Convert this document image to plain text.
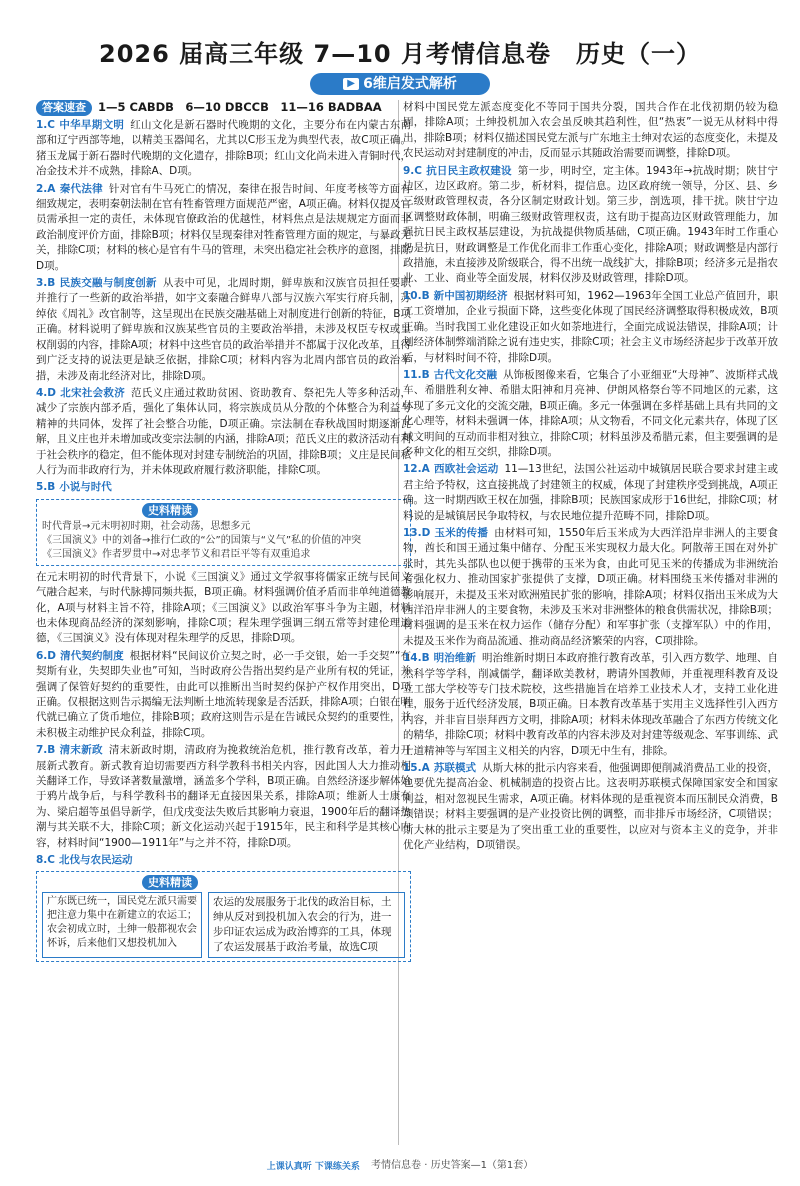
2026 届高三年级 7—10 月考情信息卷　历史（一）
▶ 6维启发式解析
答案速查	1—5 CABDB　6—10 DBCCB　11—16 BADBAA
1.C 中华早期文明 红山文化是新石器时代晚期的文化，主要分布在内蒙古东南部和辽宁西部等地，以精美玉器闻名，尤其以C形玉龙为典型代表，故C项正确。猪玉龙属于新石器时代晚期的文化遗存，排除B项；红山文化尚未进入青铜时代，冶金技术并不成熟，排除A、D项。
2.A 秦代法律 针对官有牛马死亡的情况，秦律在报告时间、年度考核等方面有细致规定，表明秦朝法制在官有牲畜管理方面规范严密，A项正确。材料仅提及官员需承担一定的责任，未体现官僚政治的优越性，材料焦点是法规规定方面而非政治制度评价方面，排除B项；材料仅呈现秦律对牲畜管理方面的规定，与暴政无关，排除C项；材料的核心是官有牛马的管理，未突出稳定社会秩序的意图，排除D项。
3.B 民族交融与制度创新 从表中可见，北周时期，鲜卑族和汉族官员担任要职并推行了一些新的政治举措，如宇文泰融合鲜卑八部与汉族六军实行府兵制，苏绰依《周礼》改官制等，这呈现出在民族交融基础上对制度进行创新的特征，B项正确。材料说明了鲜卑族和汉族某些官员的主要政治举措，未涉及权臣专权或皇权削弱的内容，排除A项；材料中这些官员的政治举措并不都属于汉化改革，且得到广泛支持的说法更是缺乏依据，排除C项；材料内容为北周内部官员的政治举措，未涉及南北经济对比，排除D项。
4.D 北宋社会救济 范氏义庄通过救助贫困、资助教育、祭祀先人等多种活动，减少了宗族内部矛盾，强化了集体认同，将宗族成员从分散的个体整合为利益与精神的共同体，发挥了社会整合功能，D项正确。宗法制在春秋战国时期逐渐瓦解，且义庄也并未增加或改变宗法制的内涵，排除A项；范氏义庄的救济活动有利于社会秩序的稳定，但不能体现对封建专制统治的巩固，排除B项；义庄是民间私人行为而非政府行为，并未体现政府履行救济职能，排除C项。
5.B 小说与时代
史料精读
时代背景→元末明初时期，社会动荡，思想多元
《三国演义》中的刘备→推行仁政的“公”的国策与“义气”私的价值的冲突
《三国演义》作者罗贯中→对忠孝节义和君臣平等有双重追求
在元末明初的时代背景下，小说《三国演义》通过文学叙事将儒家正统与民间义气融合起来，与时代脉搏同频共振，B项正确。材料强调价值矛盾而非单纯道德教化，A项与材料主旨不符，排除A项；《三国演义》以政治军事斗争为主题，材料也未体现商品经济的深刻影响，排除C项；程朱理学强调三纲五常等封建伦理道德，《三国演义》没有体现对程朱理学的反思，排除D项。
6.D 清代契约制度 根据材料“民间议价立契之时，必一手交银，始一手交契”“有契斯有业，失契即失业也”可知，当时政府公告指出契约是产业所有权的凭证，并强调了保管好契约的重要性，由此可以推断出当时契约保护产权作用突出，D项正确。仅根据这则告示揭编无法判断土地流转现象是否活跃，排除A项；白银在明代就已确立了货币地位，排除B项；政府这则告示是在告诫民众契约的重要性，并未积极主动维护民众利益，排除C项。
7.B 清末新政 清末新政时期，清政府为挽救统治危机，推行教育改革，着力开展新式教育。新式教育迫切需要西方科学教科书相关内容，因此国人大力推动相关翻译工作，导致译著数量激增，涵盖多个学科，B项正确。自然经济逐步解体始于鸦片战争后，与科学教科书的翻译无直接因果关系，排除A项；维新人士康有为、梁启超等虽倡导新学，但戊戌变法失败后其影响力衰退，1900年后的翻译热潮与其关联不大，排除C项；新文化运动兴起于1915年，民主和科学是其核心内容，材料时间“1900—1911年”与之并不符，排除D项。
8.C 北伐与农民运动
史料精读
广东既已统一，国民党左派只需要把注意力集中在新建立的农运工；农会初成立时，土绅一般都视农会怀诉，后来他们又想投机加入
农运的发展服务于北伐的政治目标，土绅从反对到投机加入农会的行为，进一步印证农运成为政治博弈的工具，体现了农运发展基于政治考量，故选C项
材料中国民党左派态度变化不等同于国共分裂，国共合作在北伐初期仍较为稳固，排除A项；土绅投机加入农会虽反映其趋利性，但“热衷”一说无从材料中得出，排除B项；材料仅描述国民党左派与广东地主士绅对农运的态度变化，未提及农民运动对封建制度的冲击，反而显示其随政治需要而调整，排除D项。
9.C 抗日民主政权建设 第一步，明时空，定主体。1943年→抗战时期；陕甘宁边区，边区政府。第二步，析材料，提信息。边区政府统一领导，分区、县、乡三级财政管理权责，各分区制定财政计划。第三步，剖选项，排干扰。陕甘宁边区调整财政体制，明确三级财政管理权责，这有助于提高边区财政管理能力，加强抗日民主政权基层建设，为抗战提供物质基础，C项正确。1943年时工作重心仍是抗日，财政调整是工作优化而非工作重心变化，排除A项；财政调整是内部行政措施，未直接涉及阶级联合，得不出统一战线扩大，排除B项；经济多元是指农业、工业、商业等全面发展，材料仅涉及财政管理，排除D项。
10.B 新中国初期经济 根据材料可知，1962—1963年全国工业总产值回升，职工工资增加，企业亏损面下降，这些变化体现了国民经济调整取得积极成效，B项正确。当时我国工业化建设正如火如荼地进行，全面完成说法错误，排除A项；计划经济体制弊端消除之说有违史实，排除C项；社会主义市场经济起步于改革开放后，与材料时间不符，排除D项。
11.B 古代文化交融 从饰板图像来看，它集合了小亚细亚“大母神”、波斯样式战车、希腊胜利女神、希腊太阳神和月亮神、伊朗风格祭台等不同地区的元素，这体现了多元文化的交流交融，B项正确。多元一体强调在多样基础上具有共同的文化心理等，材料未强调一体，排除A项；从文物看，不同文化元素共存，体现了区域文明间的互动而非相对独立，排除C项；材料虽涉及希腊元素，但主要强调的是多种文化的相互交织，排除D项。
12.A 西欧社会运动 11—13世纪，法国公社运动中城镇居民联合要求封建主或君主给予特权，这直接挑战了封建领主的权威，体现了封建秩序受到挑战，A项正确。这一时期西欧王权在加强，排除B项；民族国家成形于16世纪，排除C项；材料说的是城镇居民争取特权，与农民地位提升范畴不同，排除D项。
13.D 玉米的传播 由材料可知，1550年后玉米成为大西洋沿岸非洲人的主要食物，酋长和国王通过集中储存、分配玉米实现权力最大化。阿散蒂王国在对外扩张时，其先头部队也以便于携带的玉米为食，由此可见玉米的传播成为非洲统治者强化权力、推动国家扩张提供了支撑，D项正确。材料围绕玉米传播对非洲的影响展开，未提及玉米对欧洲殖民扩张的影响，排除A项；材料仅指出玉米成为大西洋沿岸非洲人的主要食物，未涉及玉米对非洲整体的粮食供需状况，排除B项；材料强调的是玉米在权力运作（储存分配）和军事扩张（支撑军队）中的作用，未提及玉米作为商品流通、推动商品经济繁荣的内容，C项排除。
14.B 明治维新 明治维新时期日本政府推行教育改革，引入西方数学、地理、自然科学等学科，削减儒学，翻译欧美教材，聘请外国教师，并重视理科教育及设立工部大学校等专门技术院校，这些措施旨在培养工业技术人才，支持工业化进程，服务于近代经济发展，B项正确。日本教育改革基于实用主义选择性引入西方内容，并非盲目崇拜西方文明，排除A项；材料未体现改革融合了东西方传统文化的精华，排除C项；材料中教育改革的内容未涉及对封建等级观念、军事训练、武士道精神等与军国主义相关的内容，D项无中生有，排除。
15.A 苏联模式 从斯大林的批示内容来看，他强调即便削减消费品工业的投资，也要优先提高冶金、机械制造的投资占比。这表明苏联模式保障国家安全和国家利益，相对忽视民生需求，A项正确。材料体现的是重视资本而压制民众消费，B项错误；材料主要强调的是产业投资比例的调整，而非排斥市场经济，C项错误；斯大林的批示主要是为了突出重工业的重要性，以应对与资本主义的竞争，并非优化产业结构，D项错误。
上课认真听 下课练关系 考情信息卷 · 历史答案—1（第1套）
